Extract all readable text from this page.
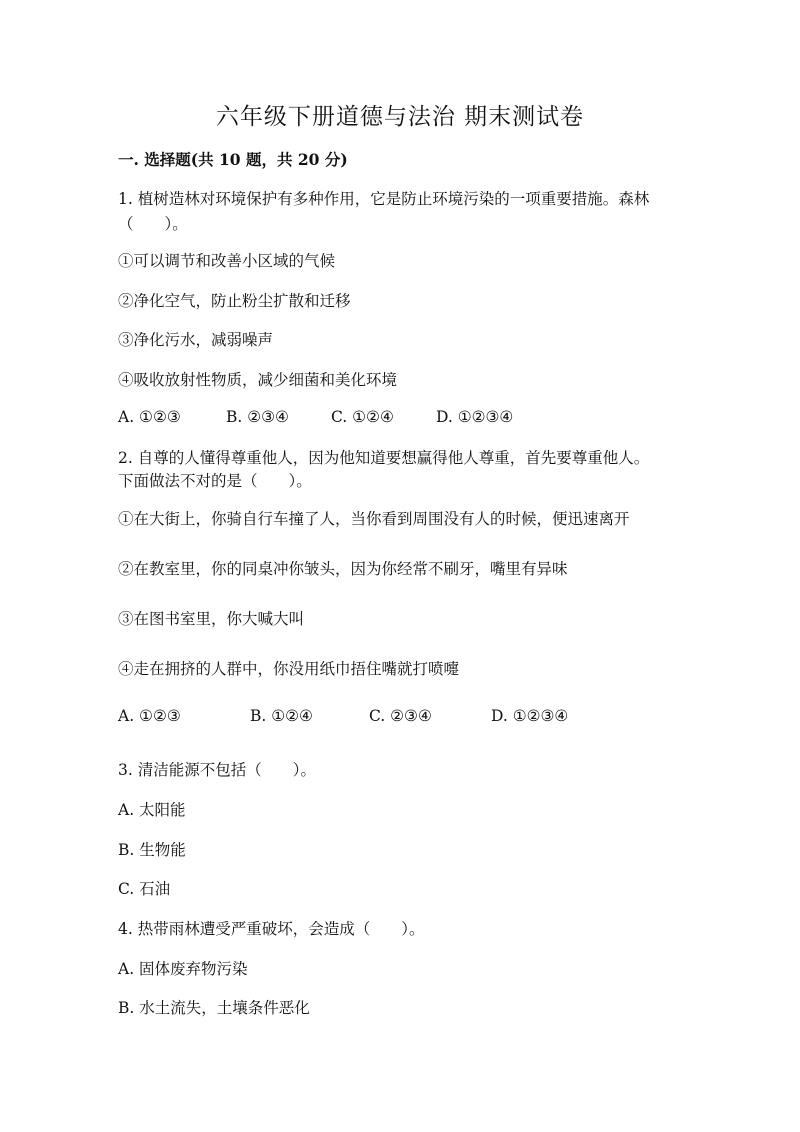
六年级下册道德与法治 期末测试卷
一. 选择题(共 10 题，共 20 分)
1. 植树造林对环境保护有多种作用，它是防止环境污染的一项重要措施。森林
（　　）。
①可以调节和改善小区域的气候
②净化空气，防止粉尘扩散和迁移
③净化污水，减弱噪声
④吸收放射性物质，减少细菌和美化环境
A. ①②③	B. ②③④	C. ①②④	D. ①②③④
2. 自尊的人懂得尊重他人，因为他知道要想赢得他人尊重，首先要尊重他人。
下面做法不对的是（　　）。
①在大街上，你骑自行车撞了人，当你看到周围没有人的时候，便迅速离开
②在教室里，你的同桌冲你皱头，因为你经常不刷牙，嘴里有异味
③在图书室里，你大喊大叫
④走在拥挤的人群中，你没用纸巾捂住嘴就打喷嚏
A. ①②③	B. ①②④	C. ②③④	D. ①②③④
3. 清洁能源不包括（　　）。
A. 太阳能
B. 生物能
C. 石油
4. 热带雨林遭受严重破坏，会造成（　　）。
A. 固体废弃物污染
B. 水土流失，土壤条件恶化
